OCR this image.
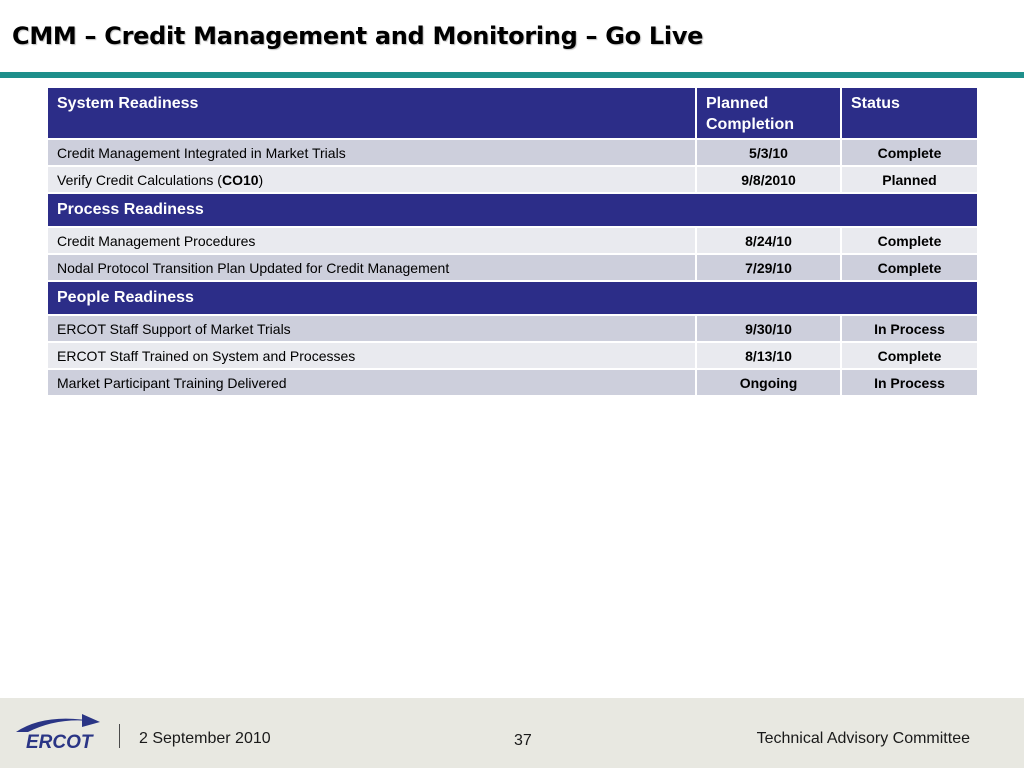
CMM – Credit Management and Monitoring – Go Live
System Readiness	Planned Completion	Status
Credit Management Integrated in Market Trials	5/3/10	Complete
Verify Credit Calculations (CO10)	9/8/2010	Planned
Process Readiness		
Credit Management Procedures	8/24/10	Complete
Nodal Protocol Transition Plan Updated for Credit Management	7/29/10	Complete
People Readiness		
ERCOT Staff Support of Market Trials	9/30/10	In Process
ERCOT Staff Trained on System and Processes	8/13/10	Complete
Market Participant Training Delivered	Ongoing	In Process
ERCOT	2 September 2010	37	Technical Advisory Committee
